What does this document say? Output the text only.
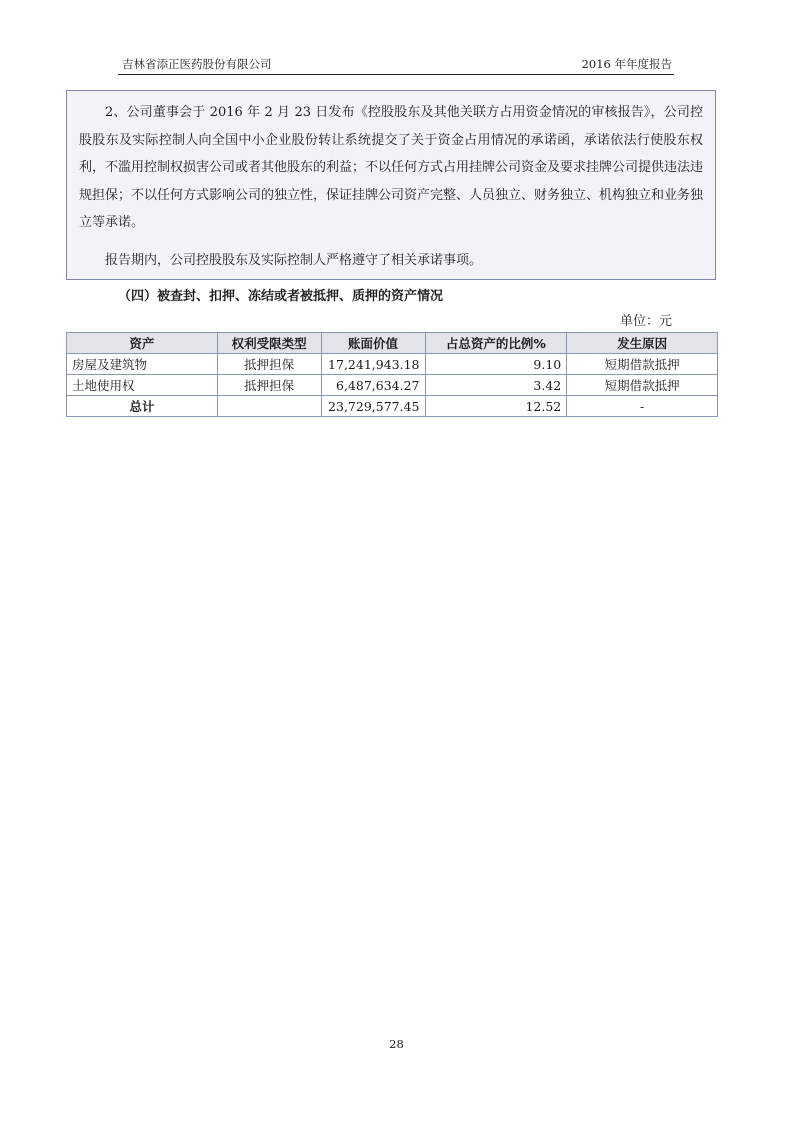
吉林省添正医药股份有限公司	2016 年年度报告

2、公司董事会于 2016 年 2 月 23 日发布《控股股东及其他关联方占用资金情况的审核报告》，公司控股股东及实际控制人向全国中小企业股份转让系统提交了关于资金占用情况的承诺函，承诺依法行使股东权利，不滥用控制权损害公司或者其他股东的利益；不以任何方式占用挂牌公司资金及要求挂牌公司提供违法违规担保；不以任何方式影响公司的独立性，保证挂牌公司资产完整、人员独立、财务独立、机构独立和业务独立等承诺。

报告期内，公司控股股东及实际控制人严格遵守了相关承诺事项。

（四）被查封、扣押、冻结或者被抵押、质押的资产情况
单位：元
资产	权利受限类型	账面价值	占总资产的比例%	发生原因
房屋及建筑物	抵押担保	17,241,943.18	9.10	短期借款抵押
土地使用权	抵押担保	6,487,634.27	3.42	短期借款抵押
总计		23,729,577.45	12.52	-
28
